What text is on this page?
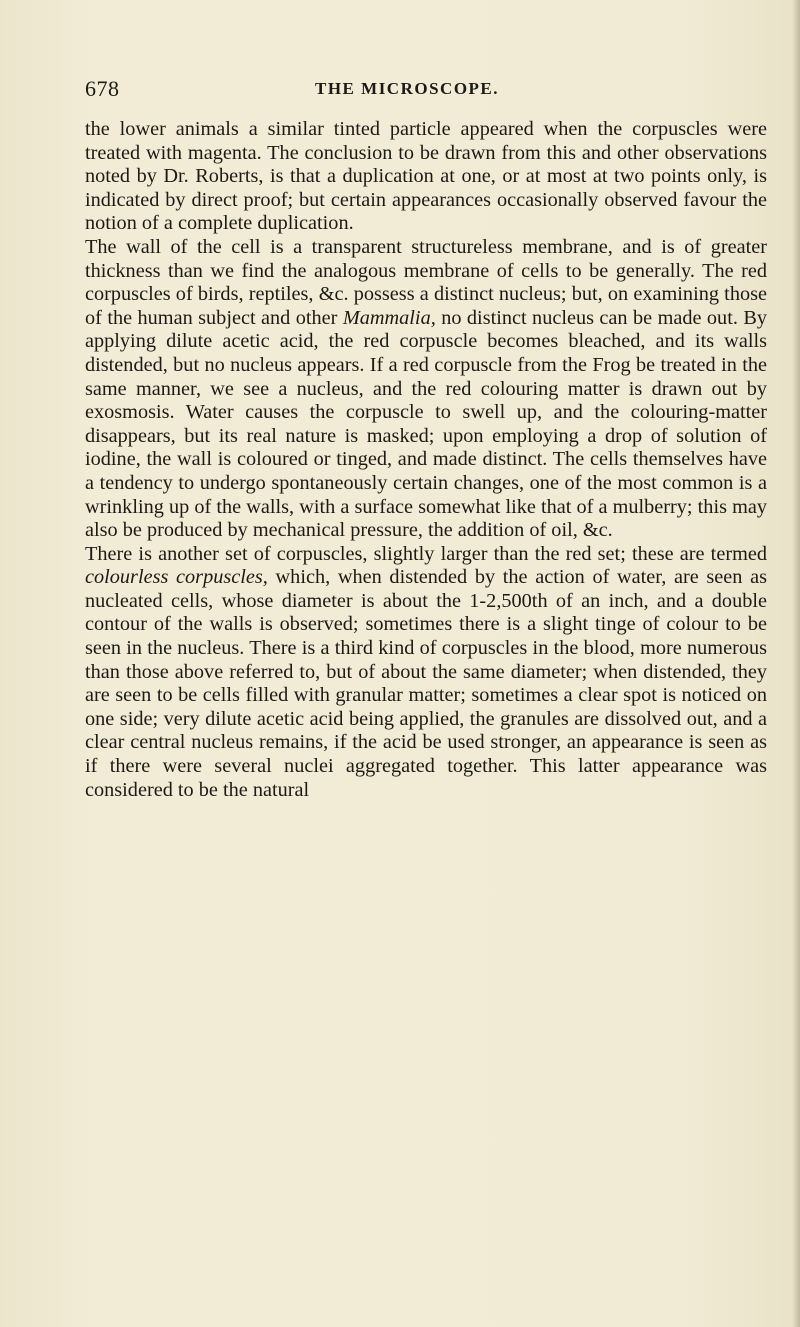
678	THE MICROSCOPE.

the lower animals a similar tinted particle appeared when the corpuscles were treated with magenta. The conclusion to be drawn from this and other observations noted by Dr. Roberts, is that a duplication at one, or at most at two points only, is indicated by direct proof; but certain appearances occasionally observed favour the notion of a complete duplication.

The wall of the cell is a transparent structureless membrane, and is of greater thickness than we find the analogous membrane of cells to be generally. The red corpuscles of birds, reptiles, &c. possess a distinct nucleus; but, on examining those of the human subject and other Mammalia, no distinct nucleus can be made out. By applying dilute acetic acid, the red corpuscle becomes bleached, and its walls distended, but no nucleus appears. If a red corpuscle from the Frog be treated in the same manner, we see a nucleus, and the red colouring matter is drawn out by exosmosis. Water causes the corpuscle to swell up, and the colouring-matter disappears, but its real nature is masked; upon employing a drop of solution of iodine, the wall is coloured or tinged, and made distinct. The cells themselves have a tendency to undergo spontaneously certain changes, one of the most common is a wrinkling up of the walls, with a surface somewhat like that of a mulberry; this may also be produced by mechanical pressure, the addition of oil, &c.

There is another set of corpuscles, slightly larger than the red set; these are termed colourless corpuscles, which, when distended by the action of water, are seen as nucleated cells, whose diameter is about the 1-2,500th of an inch, and a double contour of the walls is observed; sometimes there is a slight tinge of colour to be seen in the nucleus. There is a third kind of corpuscles in the blood, more numerous than those above referred to, but of about the same diameter; when distended, they are seen to be cells filled with granular matter; sometimes a clear spot is noticed on one side; very dilute acetic acid being applied, the granules are dissolved out, and a clear central nucleus remains, if the acid be used stronger, an appearance is seen as if there were several nuclei aggregated together. This latter appearance was considered to be the natural
